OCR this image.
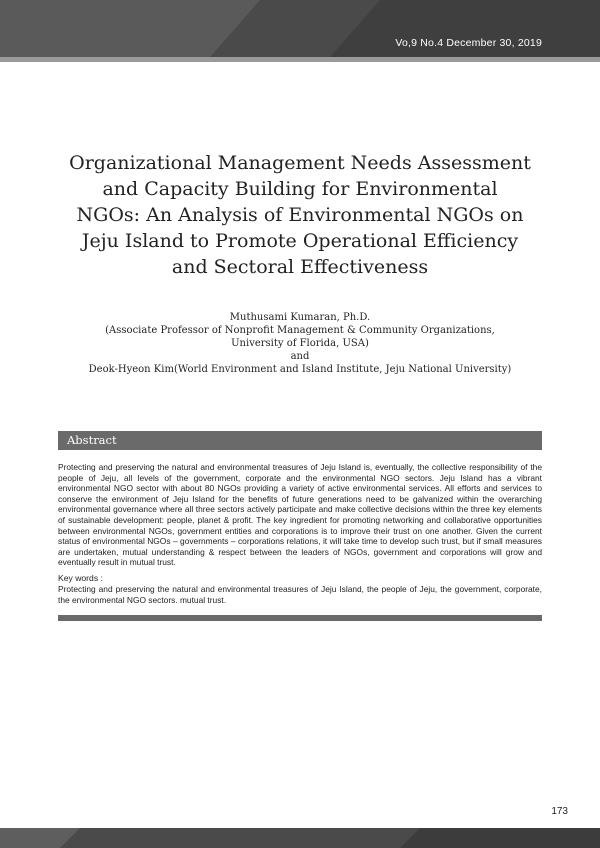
Vo,9 No.4 December 30, 2019
Organizational Management Needs Assessment
and Capacity Building for Environmental
NGOs: An Analysis of Environmental NGOs on
Jeju Island to Promote Operational Efficiency
and Sectoral Effectiveness
Muthusami Kumaran, Ph.D.
(Associate Professor of Nonprofit Management & Community Organizations,
University of Florida, USA)
and
Deok-Hyeon Kim(World Environment and Island Institute, Jeju National University)
Abstract

Protecting and preserving the natural and environmental treasures of Jeju Island is, eventually, the collective responsibility of the people of Jeju, all levels of the government, corporate and the environmental NGO sectors. Jeju Island has a vibrant environmental NGO sector with about 80 NGOs providing a variety of active environmental services. All efforts and services to conserve the environment of Jeju Island for the benefits of future generations need to be galvanized within the overarching environmental governance where all three sectors actively participate and make collective decisions within the three key elements of sustainable development: people, planet & profit. The key ingredient for promoting networking and collaborative opportunities between environmental NGOs, government entities and corporations is to improve their trust on one another. Given the current status of environmental NGOs – governments – corporations relations, it will take time to develop such trust, but if small measures are undertaken, mutual understanding & respect between the leaders of NGOs, government and corporations will grow and eventually result in mutual trust.

Key words :

Protecting and preserving the natural and environmental treasures of Jeju Island, the people of Jeju, the government, corporate, the environmental NGO sectors. mutual trust.

173
